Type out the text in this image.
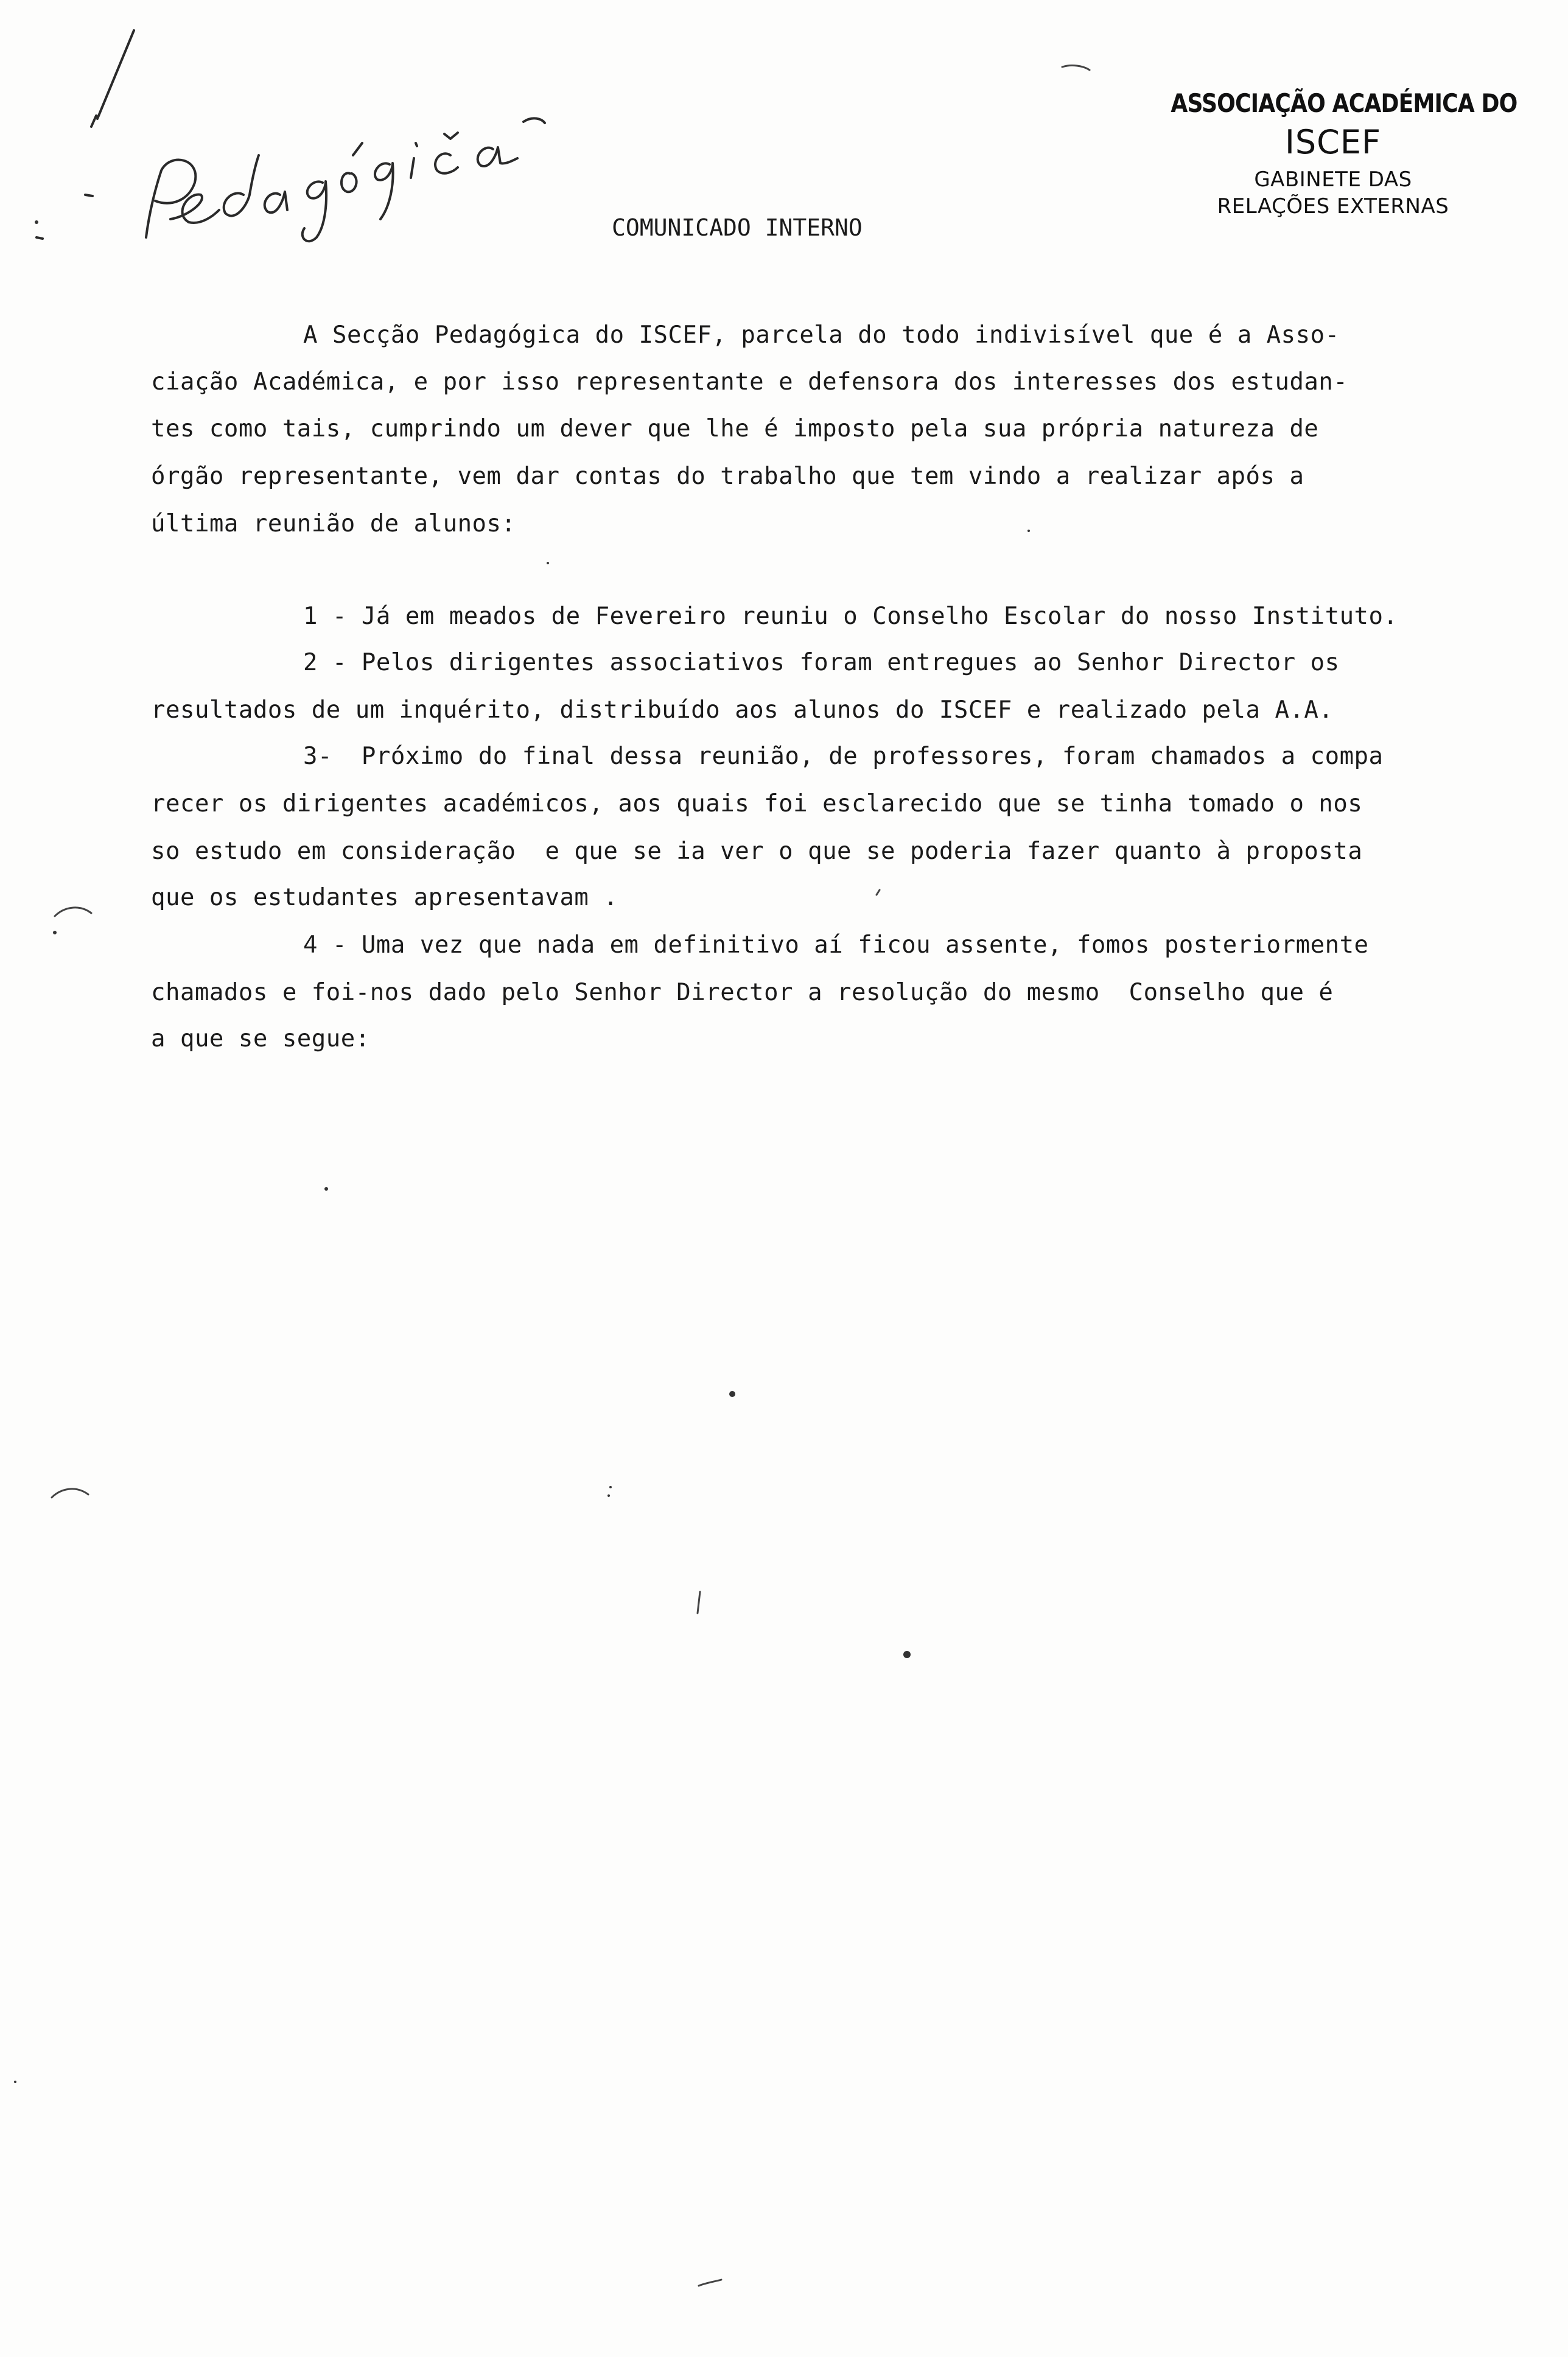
Pedagógica
ASSOCIAÇÃO ACADÉMICA DO
ISCEF
GABINETE DAS
RELAÇÕES EXTERNAS
COMUNICADO INTERNO
A Secção Pedagógica do ISCEF, parcela do todo indivisível que é a Asso-
ciação Académica, e por isso representante e defensora dos interesses dos estudan-
tes como tais, cumprindo um dever que lhe é imposto pela sua própria natureza de
órgão representante, vem dar contas do trabalho que tem vindo a realizar após a
última reunião de alunos:
1 - Já em meados de Fevereiro reuniu o Conselho Escolar do nosso Instituto.
2 - Pelos dirigentes associativos foram entregues ao Senhor Director os
resultados de um inquérito, distribuído aos alunos do ISCEF e realizado pela A.A.
3-  Próximo do final dessa reunião, de professores, foram chamados a compa
recer os dirigentes académicos, aos quais foi esclarecido que se tinha tomado o nos
so estudo em consideração  e que se ia ver o que se poderia fazer quanto à proposta
que os estudantes apresentavam .
4 - Uma vez que nada em definitivo aí ficou assente, fomos posteriormente
chamados e foi-nos dado pelo Senhor Director a resolução do mesmo  Conselho que é
a que se segue:
